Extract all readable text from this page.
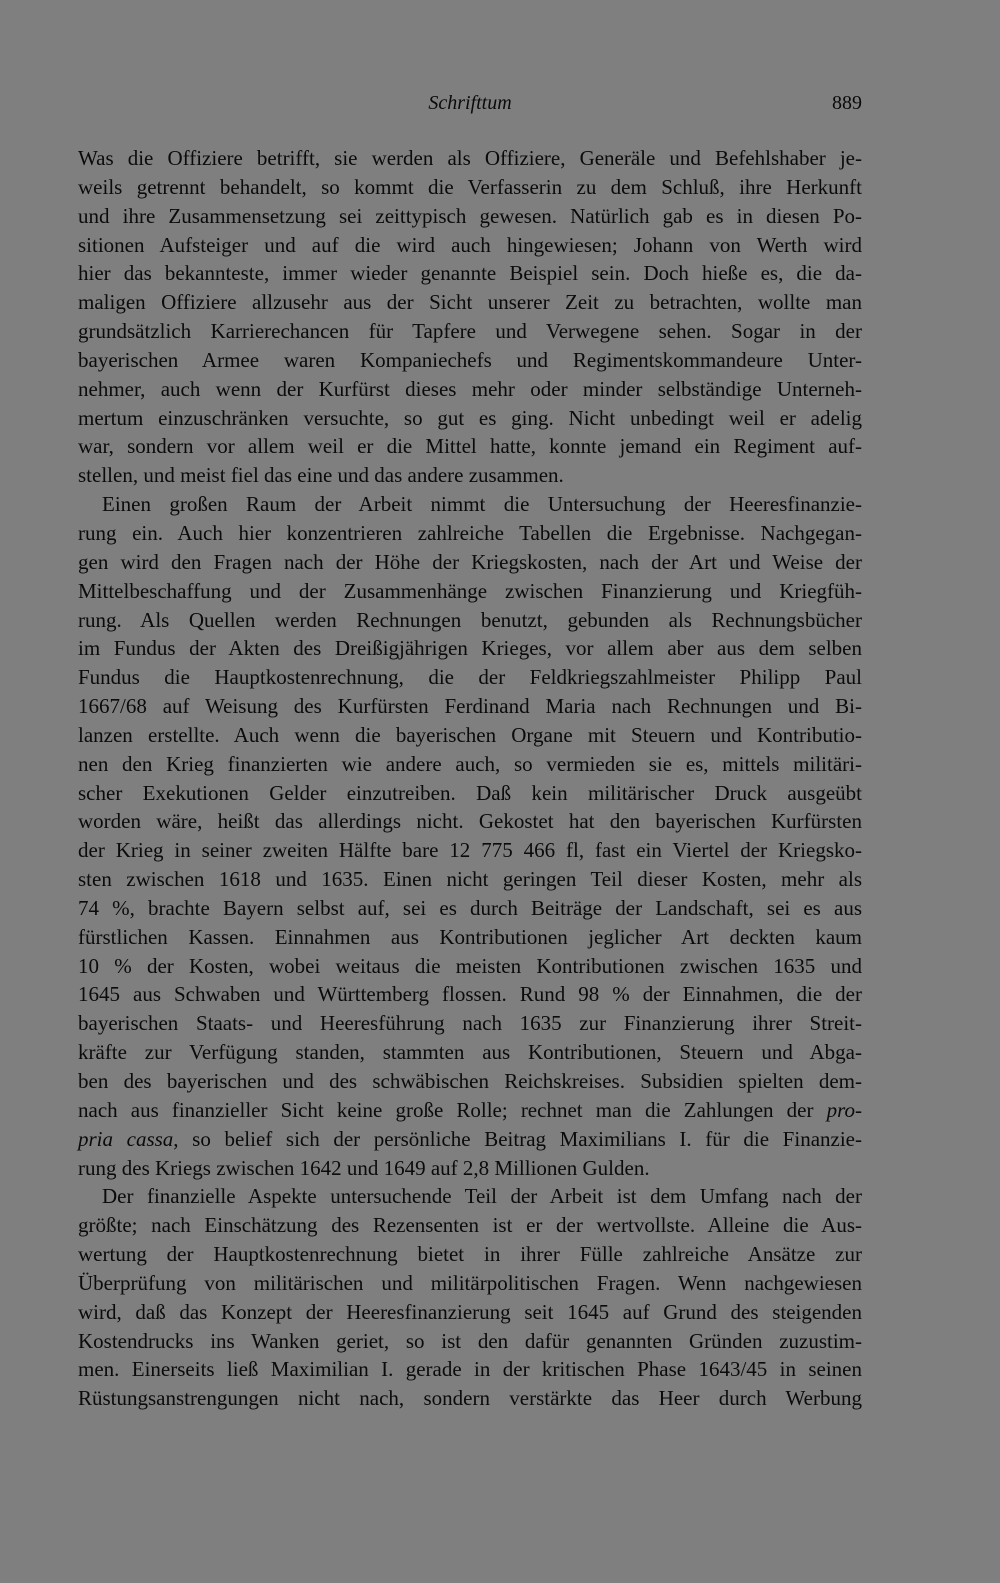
Schrifttum	889
Was die Offiziere betrifft, sie werden als Offiziere, Generäle und Befehlshaber je-
weils getrennt behandelt, so kommt die Verfasserin zu dem Schluß, ihre Herkunft
und ihre Zusammensetzung sei zeittypisch gewesen. Natürlich gab es in diesen Po-
sitionen Aufsteiger und auf die wird auch hingewiesen; Johann von Werth wird
hier das bekannteste, immer wieder genannte Beispiel sein. Doch hieße es, die da-
maligen Offiziere allzusehr aus der Sicht unserer Zeit zu betrachten, wollte man
grundsätzlich Karrierechancen für Tapfere und Verwegene sehen. Sogar in der
bayerischen Armee waren Kompaniechefs und Regimentskommandeure Unter-
nehmer, auch wenn der Kurfürst dieses mehr oder minder selbständige Unterneh-
mertum einzuschränken versuchte, so gut es ging. Nicht unbedingt weil er adelig
war, sondern vor allem weil er die Mittel hatte, konnte jemand ein Regiment auf-
stellen, und meist fiel das eine und das andere zusammen.
Einen großen Raum der Arbeit nimmt die Untersuchung der Heeresfinanzie-
rung ein. Auch hier konzentrieren zahlreiche Tabellen die Ergebnisse. Nachgegan-
gen wird den Fragen nach der Höhe der Kriegskosten, nach der Art und Weise der
Mittelbeschaffung und der Zusammenhänge zwischen Finanzierung und Kriegfüh-
rung. Als Quellen werden Rechnungen benutzt, gebunden als Rechnungsbücher
im Fundus der Akten des Dreißigjährigen Krieges, vor allem aber aus dem selben
Fundus die Hauptkostenrechnung, die der Feldkriegszahlmeister Philipp Paul
1667/68 auf Weisung des Kurfürsten Ferdinand Maria nach Rechnungen und Bi-
lanzen erstellte. Auch wenn die bayerischen Organe mit Steuern und Kontributio-
nen den Krieg finanzierten wie andere auch, so vermieden sie es, mittels militäri-
scher Exekutionen Gelder einzutreiben. Daß kein militärischer Druck ausgeübt
worden wäre, heißt das allerdings nicht. Gekostet hat den bayerischen Kurfürsten
der Krieg in seiner zweiten Hälfte bare 12 775 466 fl, fast ein Viertel der Kriegsko-
sten zwischen 1618 und 1635. Einen nicht geringen Teil dieser Kosten, mehr als
74 %, brachte Bayern selbst auf, sei es durch Beiträge der Landschaft, sei es aus
fürstlichen Kassen. Einnahmen aus Kontributionen jeglicher Art deckten kaum
10 % der Kosten, wobei weitaus die meisten Kontributionen zwischen 1635 und
1645 aus Schwaben und Württemberg flossen. Rund 98 % der Einnahmen, die der
bayerischen Staats- und Heeresführung nach 1635 zur Finanzierung ihrer Streit-
kräfte zur Verfügung standen, stammten aus Kontributionen, Steuern und Abga-
ben des bayerischen und des schwäbischen Reichskreises. Subsidien spielten dem-
nach aus finanzieller Sicht keine große Rolle; rechnet man die Zahlungen der pro-
pria cassa, so belief sich der persönliche Beitrag Maximilians I. für die Finanzie-
rung des Kriegs zwischen 1642 und 1649 auf 2,8 Millionen Gulden.
Der finanzielle Aspekte untersuchende Teil der Arbeit ist dem Umfang nach der
größte; nach Einschätzung des Rezensenten ist er der wertvollste. Alleine die Aus-
wertung der Hauptkostenrechnung bietet in ihrer Fülle zahlreiche Ansätze zur
Überprüfung von militärischen und militärpolitischen Fragen. Wenn nachgewiesen
wird, daß das Konzept der Heeresfinanzierung seit 1645 auf Grund des steigenden
Kostendrucks ins Wanken geriet, so ist den dafür genannten Gründen zuzustim-
men. Einerseits ließ Maximilian I. gerade in der kritischen Phase 1643/45 in seinen
Rüstungsanstrengungen nicht nach, sondern verstärkte das Heer durch Werbung
